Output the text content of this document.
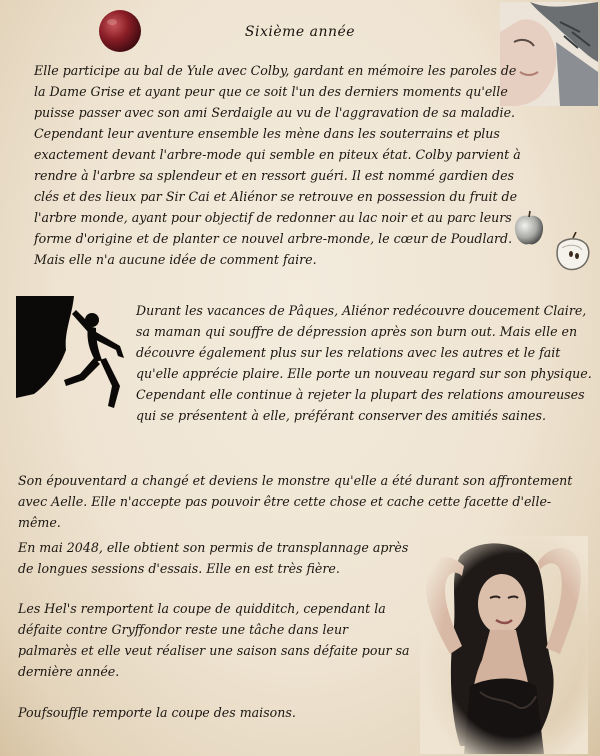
Sixième année

Elle participe au bal de Yule avec Colby, gardant en mémoire les paroles de la Dame Grise et ayant peur que ce soit l'un des derniers moments qu'elle puisse passer avec son ami Serdaigle au vu de l'aggravation de sa maladie. Cependant leur aventure ensemble les mène dans les souterrains et plus exactement devant l'arbre-mode qui semble en piteux état. Colby parvient à rendre à l'arbre sa splendeur et en ressort guéri. Il est nommé gardien des clés et des lieux par Sir Cai et Aliénor se retrouve en possession du fruit de l'arbre monde, ayant pour objectif de redonner au lac noir et au parc leurs forme d'origine et de planter ce nouvel arbre-monde, le cœur de Poudlard. Mais elle n'a aucune idée de comment faire.

Durant les vacances de Pâques, Aliénor redécouvre doucement Claire, sa maman qui souffre de dépression après son burn out. Mais elle en découvre également plus sur les relations avec les autres et le fait qu'elle apprécie plaire. Elle porte un nouveau regard sur son physique.

Cependant elle continue à rejeter la plupart des relations amoureuses qui se présentent à elle, préférant conserver des amitiés saines.

Son épouventard a changé et deviens le monstre qu'elle a été durant son affrontement avec Aelle. Elle n'accepte pas pouvoir être cette chose et cache cette facette d'elle-même.

En mai 2048, elle obtient son permis de transplannage après de longues sessions d'essais. Elle en est très fière.

Les Hel's remportent la coupe de quidditch, cependant la défaite contre Gryffondor reste une tâche dans leur palmarès et elle veut réaliser une saison sans défaite pour sa dernière année.

Poufsouffle remporte la coupe des maisons.
